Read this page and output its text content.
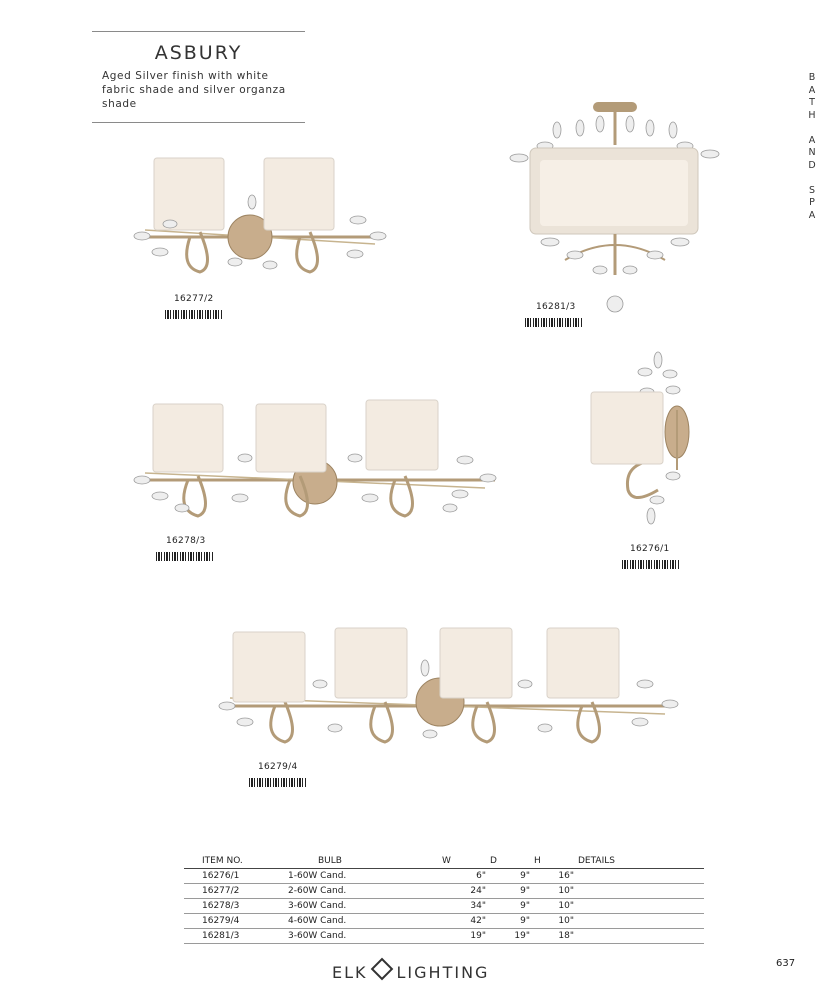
ASBURY
Aged Silver finish with white fabric shade and silver organza shade
B
A
T
H
A
N
D
S
P
A
16277/2
16281/3
16278/3
16276/1
16279/4
ITEM NO.	BULB	W	D	H	DETAILS
16276/1	1-60W Cand.	6"	9"	16"	
16277/2	2-60W Cand.	24"	9"	10"	
16278/3	3-60W Cand.	34"	9"	10"	
16279/4	4-60W Cand.	42"	9"	10"	
16281/3	3-60W Cand.	19"	19"	18"	
ELK LIGHTING	637
